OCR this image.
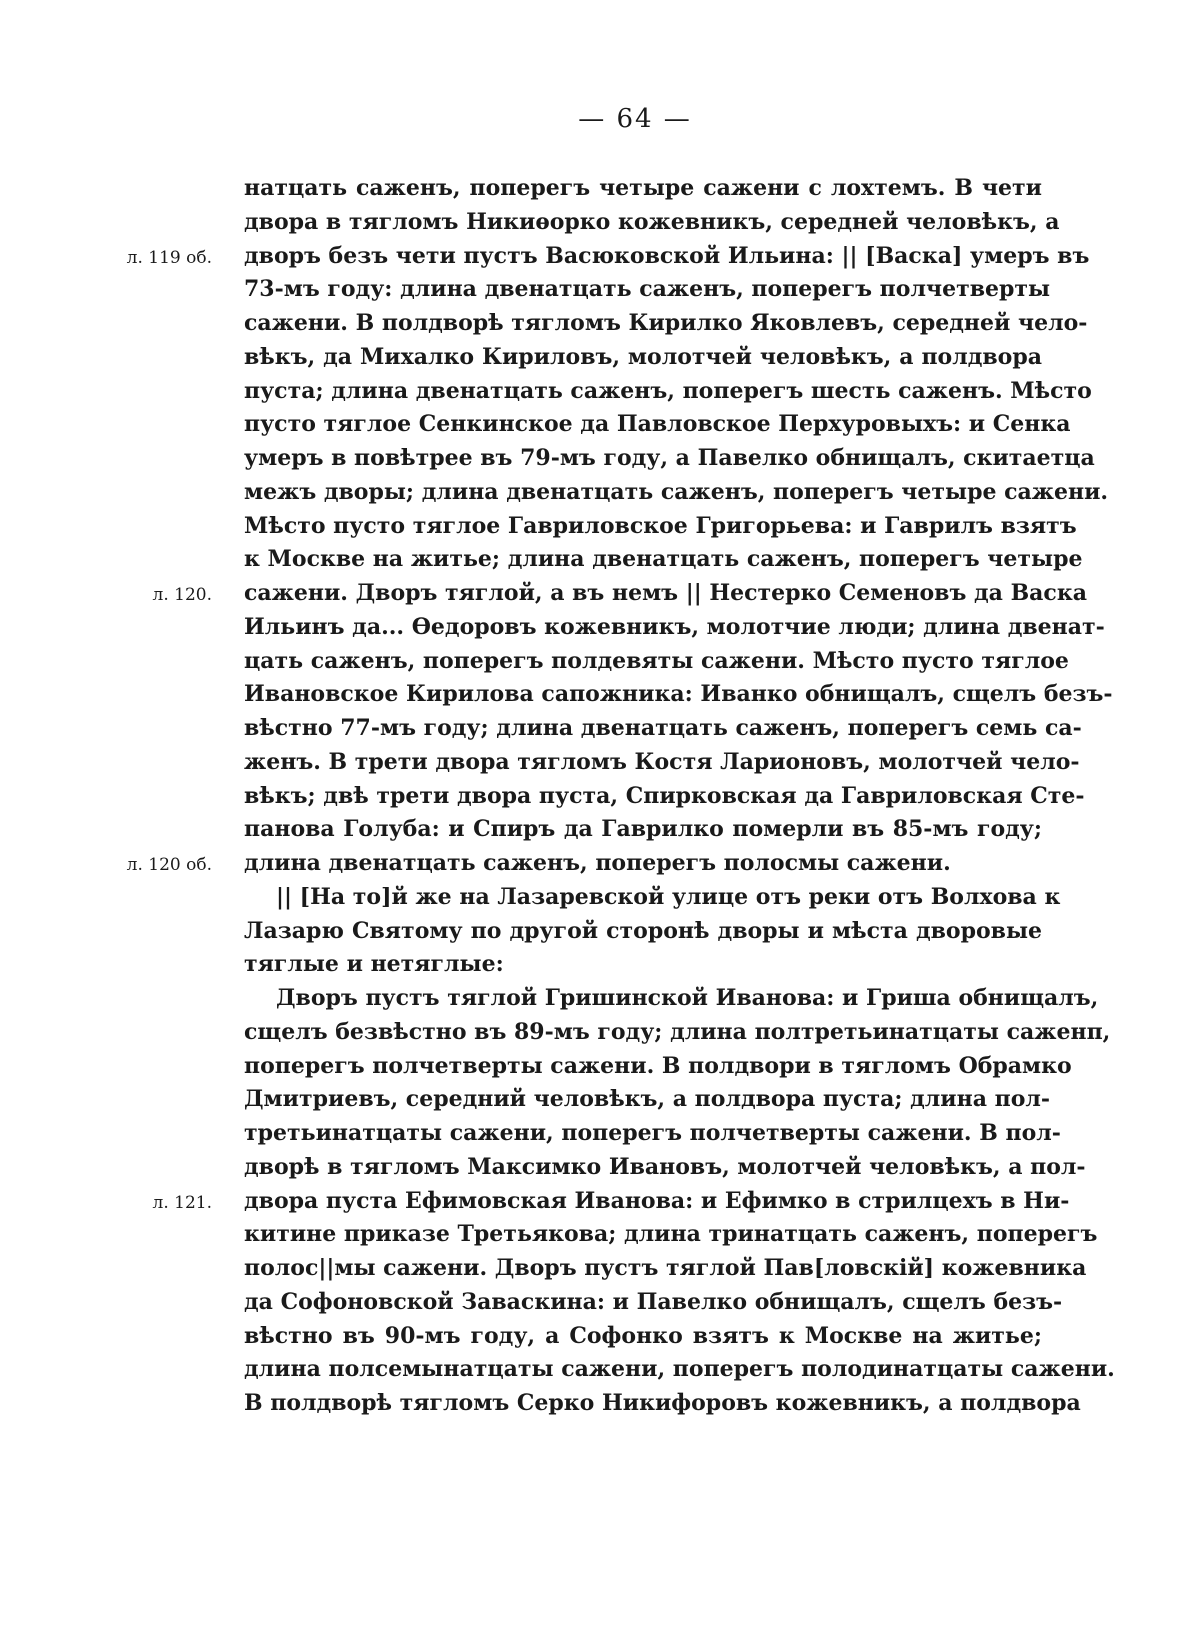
— 64 —
л. 119 об.
л. 120.
л. 120 об.
л. 121.
натцать саженъ, поперегъ четыре сажени с лохтемъ. В чети
двора в тягломъ Никиѳорко кожевникъ, середней человѣкъ, а
дворъ безъ чети пустъ Васюковской Ильина: || [Васка] умеръ въ
73-мъ году: длина двенатцать саженъ, поперегъ полчетверты
сажени. В полдворѣ тягломъ Кирилко Яковлевъ, середней чело-
вѣкъ, да Михалко Кириловъ, молотчей человѣкъ, а полдвора
пуста; длина двенатцать саженъ, поперегъ шесть саженъ. Мѣсто
пусто тяглое Сенкинское да Павловское Перхуровыхъ: и Сенка
умеръ в повѣтрее въ 79-мъ году, а Павелко обнищалъ, скитаетца
межъ дворы; длина двенатцать саженъ, поперегъ четыре сажени.
Мѣсто пусто тяглое Гавриловское Григорьева: и Гаврилъ взятъ
к Москве на житье; длина двенатцать саженъ, поперегъ четыре
сажени. Дворъ тяглой, а въ немъ || Нестерко Семеновъ да Васка
Ильинъ да... Ѳедоровъ кожевникъ, молотчие люди; длина двенат-
цать саженъ, поперегъ полдевяты сажени. Мѣсто пусто тяглое
Ивановское Кирилова сапожника: Иванко обнищалъ, сщелъ безъ-
вѣстно 77-мъ году; длина двенатцать саженъ, поперегъ семь са-
женъ. В трети двора тягломъ Костя Ларионовъ, молотчей чело-
вѣкъ; двѣ трети двора пуста, Спирковская да Гавриловская Сте-
панова Голуба: и Спиръ да Гаврилко померли въ 85-мъ году;
длина двенатцать саженъ, поперегъ полосмы сажени.
|| [На то]й же на Лазаревской улице отъ реки отъ Волхова к
Лазарю Святому по другой сторонѣ дворы и мѣста дворовые
тяглые и нетяглые:
Дворъ пустъ тяглой Гришинской Иванова: и Гриша обнищалъ,
сщелъ безвѣстно въ 89-мъ году; длина полтретьинатцаты саженп,
поперегъ полчетверты сажени. В полдвори в тягломъ Обрамко
Дмитриевъ, середний человѣкъ, а полдвора пуста; длина пол-
третьинатцаты сажени, поперегъ полчетверты сажени. В пол-
дворѣ в тягломъ Максимко Ивановъ, молотчей человѣкъ, а пол-
двора пуста Ефимовская Иванова: и Ефимко в стрилцехъ в Ни-
китине приказе Третьякова; длина тринатцать саженъ, поперегъ
полос||мы сажени. Дворъ пустъ тяглой Пав[ловскій] кожевника
да Софоновской Заваскина: и Павелко обнищалъ, сщелъ безъ-
вѣстно въ 90-мъ году, а Софонко взятъ к Москве на житье;
длина полсемынатцаты сажени, поперегъ полодинатцаты сажени.
В полдворѣ тягломъ Серко Никифоровъ кожевникъ, а полдвора
